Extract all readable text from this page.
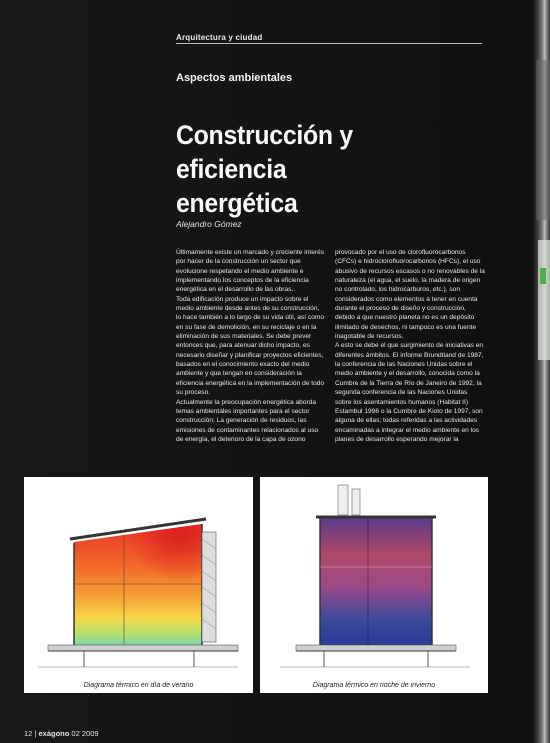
Arquitectura y ciudad
Aspectos ambientales
Construcción y eficiencia
energética
Alejandro Gómez

Últimamente existe un marcado y creciente interés por hacer de la construcción un sector que evolucione respetando el medio ambiente e implementando los conceptos de la eficiencia energética en el desarrollo de las obras.
Toda edificación produce un impacto sobre el medio ambiente desde antes de su construcción, lo hace también a lo largo de su vida útil, así como en su fase de demolición, en su reciclaje o en la eliminación de sus materiales. Se debe prever entonces que, para atenuar dicho impacto, es necesario diseñar y planificar proyectos eficientes, basados en el conocimiento exacto del medio ambiente y que tengan en consideración la eficiencia energética en la implementación de todo su proceso.
Actualmente la preocupación energética aborda temas ambientales importantes para el sector construcción: La generación de residuos, las emisiones de contaminantes relacionados al uso de energía, el deterioro de la capa de ozono

provocado por el uso de clorofluorocarbonos (CFCs) e hidroclorofluorocarbonos (HFCs), el uso abusivo de recursos escasos o no renovables de la naturaleza (el agua, el suelo, la madera de origen no controlado, los hidrocarburos, etc.), son considerados como elementos a tener en cuenta durante el proceso de diseño y construcción, debido a que nuestro planeta no es un depósito ilimitado de desechos, ni tampoco es una fuente inagotable de recursos.
A esto se debe el que surgimiento de iniciativas en diferentes ámbitos. El informe Brundtland de 1987, la conferencia de las Naciones Unidas sobre el medio ambiente y el desarrollo, conocida como la Cumbre de la Tierra de Río de Janeiro de 1992, la segunda conferencia de las Naciones Unidas sobre los asentamientos humanos (Habitat II) Estambul 1996 o la Cumbre de Kioto de 1997, son alguna de ellas; todas referidas a las actividades encaminadas a integrar el medio ambiente en los planes de desarrollo esperando mejorar la

Diagrama térmico en día de verano	Diagrama térmico en noche de invierno
12 | exágono 02 2009
